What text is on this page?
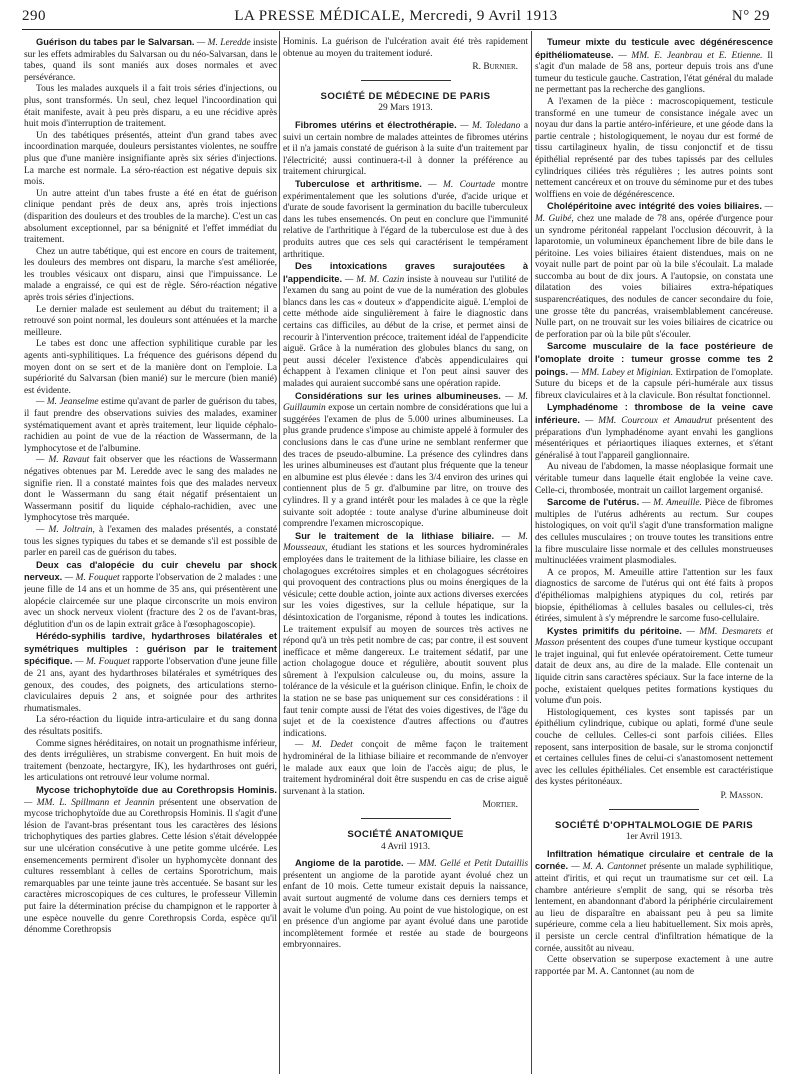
290	LA PRESSE MÉDICALE, Mercredi, 9 Avril 1913	N° 29

Guérison du tabes par le Salvarsan. — M. Leredde insiste sur les effets admirables du Salvarsan ou du néo-Salvarsan, dans le tabes, quand ils sont maniés aux doses normales et avec persévérance.

Tous les malades auxquels il a fait trois séries d'injections, ou plus, sont transformés. Un seul, chez lequel l'incoordination qui était manifeste, avait à peu près disparu, a eu une récidive après huit mois d'interruption de traitement.

Un des tabétiques présentés, atteint d'un grand tabes avec incoordination marquée, douleurs persistantes violentes, ne souffre plus que d'une manière insignifiante après six séries d'injections. La marche est normale. La séro-réaction est négative depuis six mois.

Un autre atteint d'un tabes fruste a été en état de guérison clinique pendant près de deux ans, après trois injections (disparition des douleurs et des troubles de la marche). C'est un cas absolument exceptionnel, par sa bénignité et l'effet immédiat du traitement.

Chez un autre tabétique, qui est encore en cours de traitement, les douleurs des membres ont disparu, la marche s'est améliorée, les troubles vésicaux ont disparu, ainsi que l'impuissance. Le malade a engraissé, ce qui est de règle. Séro-réaction négative après trois séries d'injections.

Le dernier malade est seulement au début du traitement; il a retrouvé son point normal, les douleurs sont atténuées et la marche meilleure.

Le tabes est donc une affection syphilitique curable par les agents anti-syphilitiques. La fréquence des guérisons dépend du moyen dont on se sert et de la manière dont on l'emploie. La supériorité du Salvarsan (bien manié) sur le mercure (bien manié) est évidente.

— M. Jeanselme estime qu'avant de parler de guérison du tabes, il faut prendre des observations suivies des malades, examiner systématiquement avant et après traitement, leur liquide céphalo-rachidien au point de vue de la réaction de Wassermann, de la lymphocytose et de l'albumine.

— M. Ravaut fait observer que les réactions de Wassermann négatives obtenues par M. Leredde avec le sang des malades ne signifie rien. Il a constaté maintes fois que des malades nerveux dont le Wassermann du sang était négatif présentaient un Wassermann positif du liquide céphalo-rachidien, avec une lymphocytose très marquée.

— M. Joltrain, à l'examen des malades présentés, a constaté tous les signes typiques du tabes et se demande s'il est possible de parler en pareil cas de guérison du tabes.

Deux cas d'alopécie du cuir chevelu par shock nerveux. — M. Fouquet rapporte l'observation de 2 malades : une jeune fille de 14 ans et un homme de 35 ans, qui présentèrent une alopécie claircemée sur une plaque circonscrite un mois environ avec un shock nerveux violent (fracture des 2 os de l'avant-bras, déglutition d'un os de lapin extrait grâce à l'œsophagoscopie).

Hérédo-syphilis tardive, hydarthroses bilatérales et symétriques multiples : guérison par le traitement spécifique. — M. Fouquet rapporte l'observation d'une jeune fille de 21 ans, ayant des hydarthroses bilatérales et symétriques des genoux, des coudes, des poignets, des articulations sterno-claviculaires depuis 2 ans, et soignée pour des arthrites rhumatismales.

La séro-réaction du liquide intra-articulaire et du sang donna des résultats positifs.

Comme signes héréditaires, on notait un prognathisme inférieur, des dents irrégulières, un strabisme convergent. En huit mois de traitement (benzoate, hectargyre, IK), les hydarthroses ont guéri, les articulations ont retrouvé leur volume normal.

Mycose trichophytoïde due au Corethropsis Hominis. — MM. L. Spillmann et Jeannin présentent une observation de mycose trichophytoïde due au Corethropsis Hominis. Il s'agit d'une lésion de l'avant-bras présentant tous les caractères des lésions trichophytiques des parties glabres. Cette lésion s'était développée sur une ulcération consécutive à une petite gomme ulcérée. Les ensemencements permirent d'isoler un hyphomycète donnant des cultures ressemblant à celles de certains Sporotrichum, mais remarquables par une teinte jaune très accentuée. Se basant sur les caractères microscopiques de ces cultures, le professeur Villemin put faire la détermination précise du champignon et le rapporter à une espèce nouvelle du genre Corethropsis Corda, espèce qu'il dénomme Corethropsis

Hominis. La guérison de l'ulcération avait été très rapidement obtenue au moyen du traitement ioduré.

R. Burnier.

SOCIÉTÉ DE MÉDECINE DE PARIS

29 Mars 1913.

Fibromes utérins et électrothérapie. — M. Toledano a suivi un certain nombre de malades atteintes de fibromes utérins et il n'a jamais constaté de guérison à la suite d'un traitement par l'électricité; aussi continuera-t-il à donner la préférence au traitement chirurgical.

Tuberculose et arthritisme. — M. Courtade montre expérimentalement que les solutions d'urée, d'acide urique et d'urate de soude favorisent la germination du bacille tuberculeux dans les tubes ensemencés. On peut en conclure que l'immunité relative de l'arthritique à l'égard de la tuberculose est due à des produits autres que ces sels qui caractérisent le tempérament arthritique.

Des intoxications graves surajoutées à l'appendicite. — M. M. Cazin insiste à nouveau sur l'utilité de l'examen du sang au point de vue de la numération des globules blancs dans les cas « douteux » d'appendicite aiguë. L'emploi de cette méthode aide singulièrement à faire le diagnostic dans certains cas difficiles, au début de la crise, et permet ainsi de recourir à l'intervention précoce, traitement idéal de l'appendicite aiguë. Grâce à la numération des globules blancs du sang, on peut aussi déceler l'existence d'abcès appendiculaires qui échappent à l'examen clinique et l'on peut ainsi sauver des malades qui auraient succombé sans une opération rapide.

Considérations sur les urines albumineuses. — M. Guillaumin expose un certain nombre de considérations que lui a suggérées l'examen de plus de 5.000 urines albumineuses. La plus grande prudence s'impose au chimiste appelé à formuler des conclusions dans le cas d'une urine ne semblant renfermer que des traces de pseudo-albumine. La présence des cylindres dans les urines albumineuses est d'autant plus fréquente que la teneur en albumine est plus élevée : dans les 3/4 environ des urines qui contiennent plus de 5 gr. d'albumine par litre, on trouve des cylindres. Il y a grand intérêt pour les malades à ce que la règle suivante soit adoptée : toute analyse d'urine albumineuse doit comprendre l'examen microscopique.

Sur le traitement de la lithiase biliaire. — M. Mousseaux, étudiant les stations et les sources hydrominérales employées dans le traitement de la lithiase biliaire, les classe en cholagogues excrétoires simples et en cholagogues sécrétoires qui provoquent des contractions plus ou moins énergiques de la vésicule; cette double action, jointe aux actions diverses exercées sur les voies digestives, sur la cellule hépatique, sur la désintoxication de l'organisme, répond à toutes les indications. Le traitement expulsif au moyen de sources très actives ne répond qu'à un très petit nombre de cas; par contre, il est souvent inefficace et même dangereux. Le traitement sédatif, par une action cholagogue douce et régulière, aboutit souvent plus sûrement à l'expulsion calculeuse ou, du moins, assure la tolérance de la vésicule et la guérison clinique. Enfin, le choix de la station ne se base pas uniquement sur ces considérations : il faut tenir compte aussi de l'état des voies digestives, de l'âge du sujet et de la coexistence d'autres affections ou d'autres indications.

— M. Dedet conçoit de même façon le traitement hydrominéral de la lithiase biliaire et recommande de n'envoyer le malade aux eaux que loin de l'accès aigu; de plus, le traitement hydrominéral doit être suspendu en cas de crise aiguë survenant à la station.

Mortier.

SOCIÉTÉ ANATOMIQUE

4 Avril 1913.

Angiome de la parotide. — MM. Gellé et Petit Dutaillis présentent un angiome de la parotide ayant évolué chez un enfant de 10 mois. Cette tumeur existait depuis la naissance, avait surtout augmenté de volume dans ces derniers temps et avait le volume d'un poing. Au point de vue histologique, on est en présence d'un angiome par ayant évolué dans une parotide incomplètement formée et restée au stade de bourgeons embryonnaires.

Tumeur mixte du testicule avec dégénérescence épithéliomateuse. — MM. E. Jeanbrau et E. Etienne. Il s'agit d'un malade de 58 ans, porteur depuis trois ans d'une tumeur du testicule gauche. Castration, l'état général du malade ne permettant pas la recherche des ganglions.

A l'examen de la pièce : macroscopiquement, testicule transformé en une tumeur de consistance inégale avec un noyau dur dans la partie antéro-inférieure, et une géode dans la partie centrale ; histologiquement, le noyau dur est formé de tissu cartilagineux hyalin, de tissu conjonctif et de tissu épithélial représenté par des tubes tapissés par des cellules cylindriques ciliées très régulières ; les autres points sont nettement cancéreux et on trouve du séminome pur et des tubes wolffiens en voie de dégénérescence.

Cholépéritoine avec intégrité des voies biliaires. — M. Guibé, chez une malade de 78 ans, opérée d'urgence pour un syndrome péritonéal rappelant l'occlusion découvrit, à la laparotomie, un volumineux épanchement libre de bile dans le péritoine. Les voies biliaires étaient distendues, mais on ne voyait nulle part de point par où la bile s'écoulait. La malade succomba au bout de dix jours. A l'autopsie, on constata une dilatation des voies biliaires extra-hépatiques susparencréatiques, des nodules de cancer secondaire du foie, une grosse tête du pancréas, vraisemblablement cancéreuse. Nulle part, on ne trouvait sur les voies biliaires de cicatrice ou de perforation par où la bile pût s'écouler.

Sarcome musculaire de la face postérieure de l'omoplate droite : tumeur grosse comme tes 2 poings. — MM. Labey et Miginian. Extirpation de l'omoplate. Suture du biceps et de la capsule péri-humérale aux tissus fibreux claviculaires et à la clavicule. Bon résultat fonctionnel.

Lymphadénome : thrombose de la veine cave inférieure. — MM. Courcoux et Amaudrut présentent des préparations d'un lymphadénome ayant envahi les ganglions mésentériques et périaortiques iliaques externes, et s'étant généralisé à tout l'appareil ganglionnaire.

Au niveau de l'abdomen, la masse néoplasique formait une véritable tumeur dans laquelle était englobée la veine cave. Celle-ci, thrombosée, montrait un caillot largement organisé.

Sarcome de l'utérus. — M. Ameuille. Pièce de fibromes multiples de l'utérus adhérents au rectum. Sur coupes histologiques, on voit qu'il s'agit d'une transformation maligne des cellules musculaires ; on trouve toutes les transitions entre la fibre musculaire lisse normale et des cellules monstrueuses multinucléées vraiment plasmodiales.

A ce propos, M. Ameuille attire l'attention sur les faux diagnostics de sarcome de l'utérus qui ont été faits à propos d'épithéliomas malpighiens atypiques du col, retirés par biopsie, épithéliomas à cellules basales ou cellules-ci, très étirées, simulent à s'y méprendre le sarcome fuso-cellulaire.

Kystes primitifs du péritoine. — MM. Desmarets et Masson présentent des coupes d'une tumeur kystique occupant le trajet inguinal, qui fut enlevée opératoirement. Cette tumeur datait de deux ans, au dire de la malade. Elle contenait un liquide citrin sans caractères spéciaux. Sur la face interne de la poche, existaient quelques petites formations kystiques du volume d'un pois.

Histologiquement, ces kystes sont tapissés par un épithélium cylindrique, cubique ou aplati, formé d'une seule couche de cellules. Celles-ci sont parfois ciliées. Elles reposent, sans interposition de basale, sur le stroma conjonctif et certaines cellules fines de celui-ci s'anastomosent nettement avec les cellules épithéliales. Cet ensemble est caractéristique des kystes péritonéaux.

P. Masson.

SOCIÉTÉ D'OPHTALMOLOGIE DE PARIS

1er Avril 1913.

Infiltration hématique circulaire et centrale de la cornée. — M. A. Cantonnet présente un malade syphilitique, atteint d'iritis, et qui reçut un traumatisme sur cet œil. La chambre antérieure s'emplit de sang, qui se résorba très lentement, en abandonnant d'abord la périphérie circulairement au lieu de disparaître en abaissant peu à peu sa limite supérieure, comme cela a lieu habituellement. Six mois après, il persiste un cercle central d'infiltration hématique de la cornée, aussitôt au niveau.

Cette observation se superpose exactement à une autre rapportée par M. A. Cantonnet (au nom de
